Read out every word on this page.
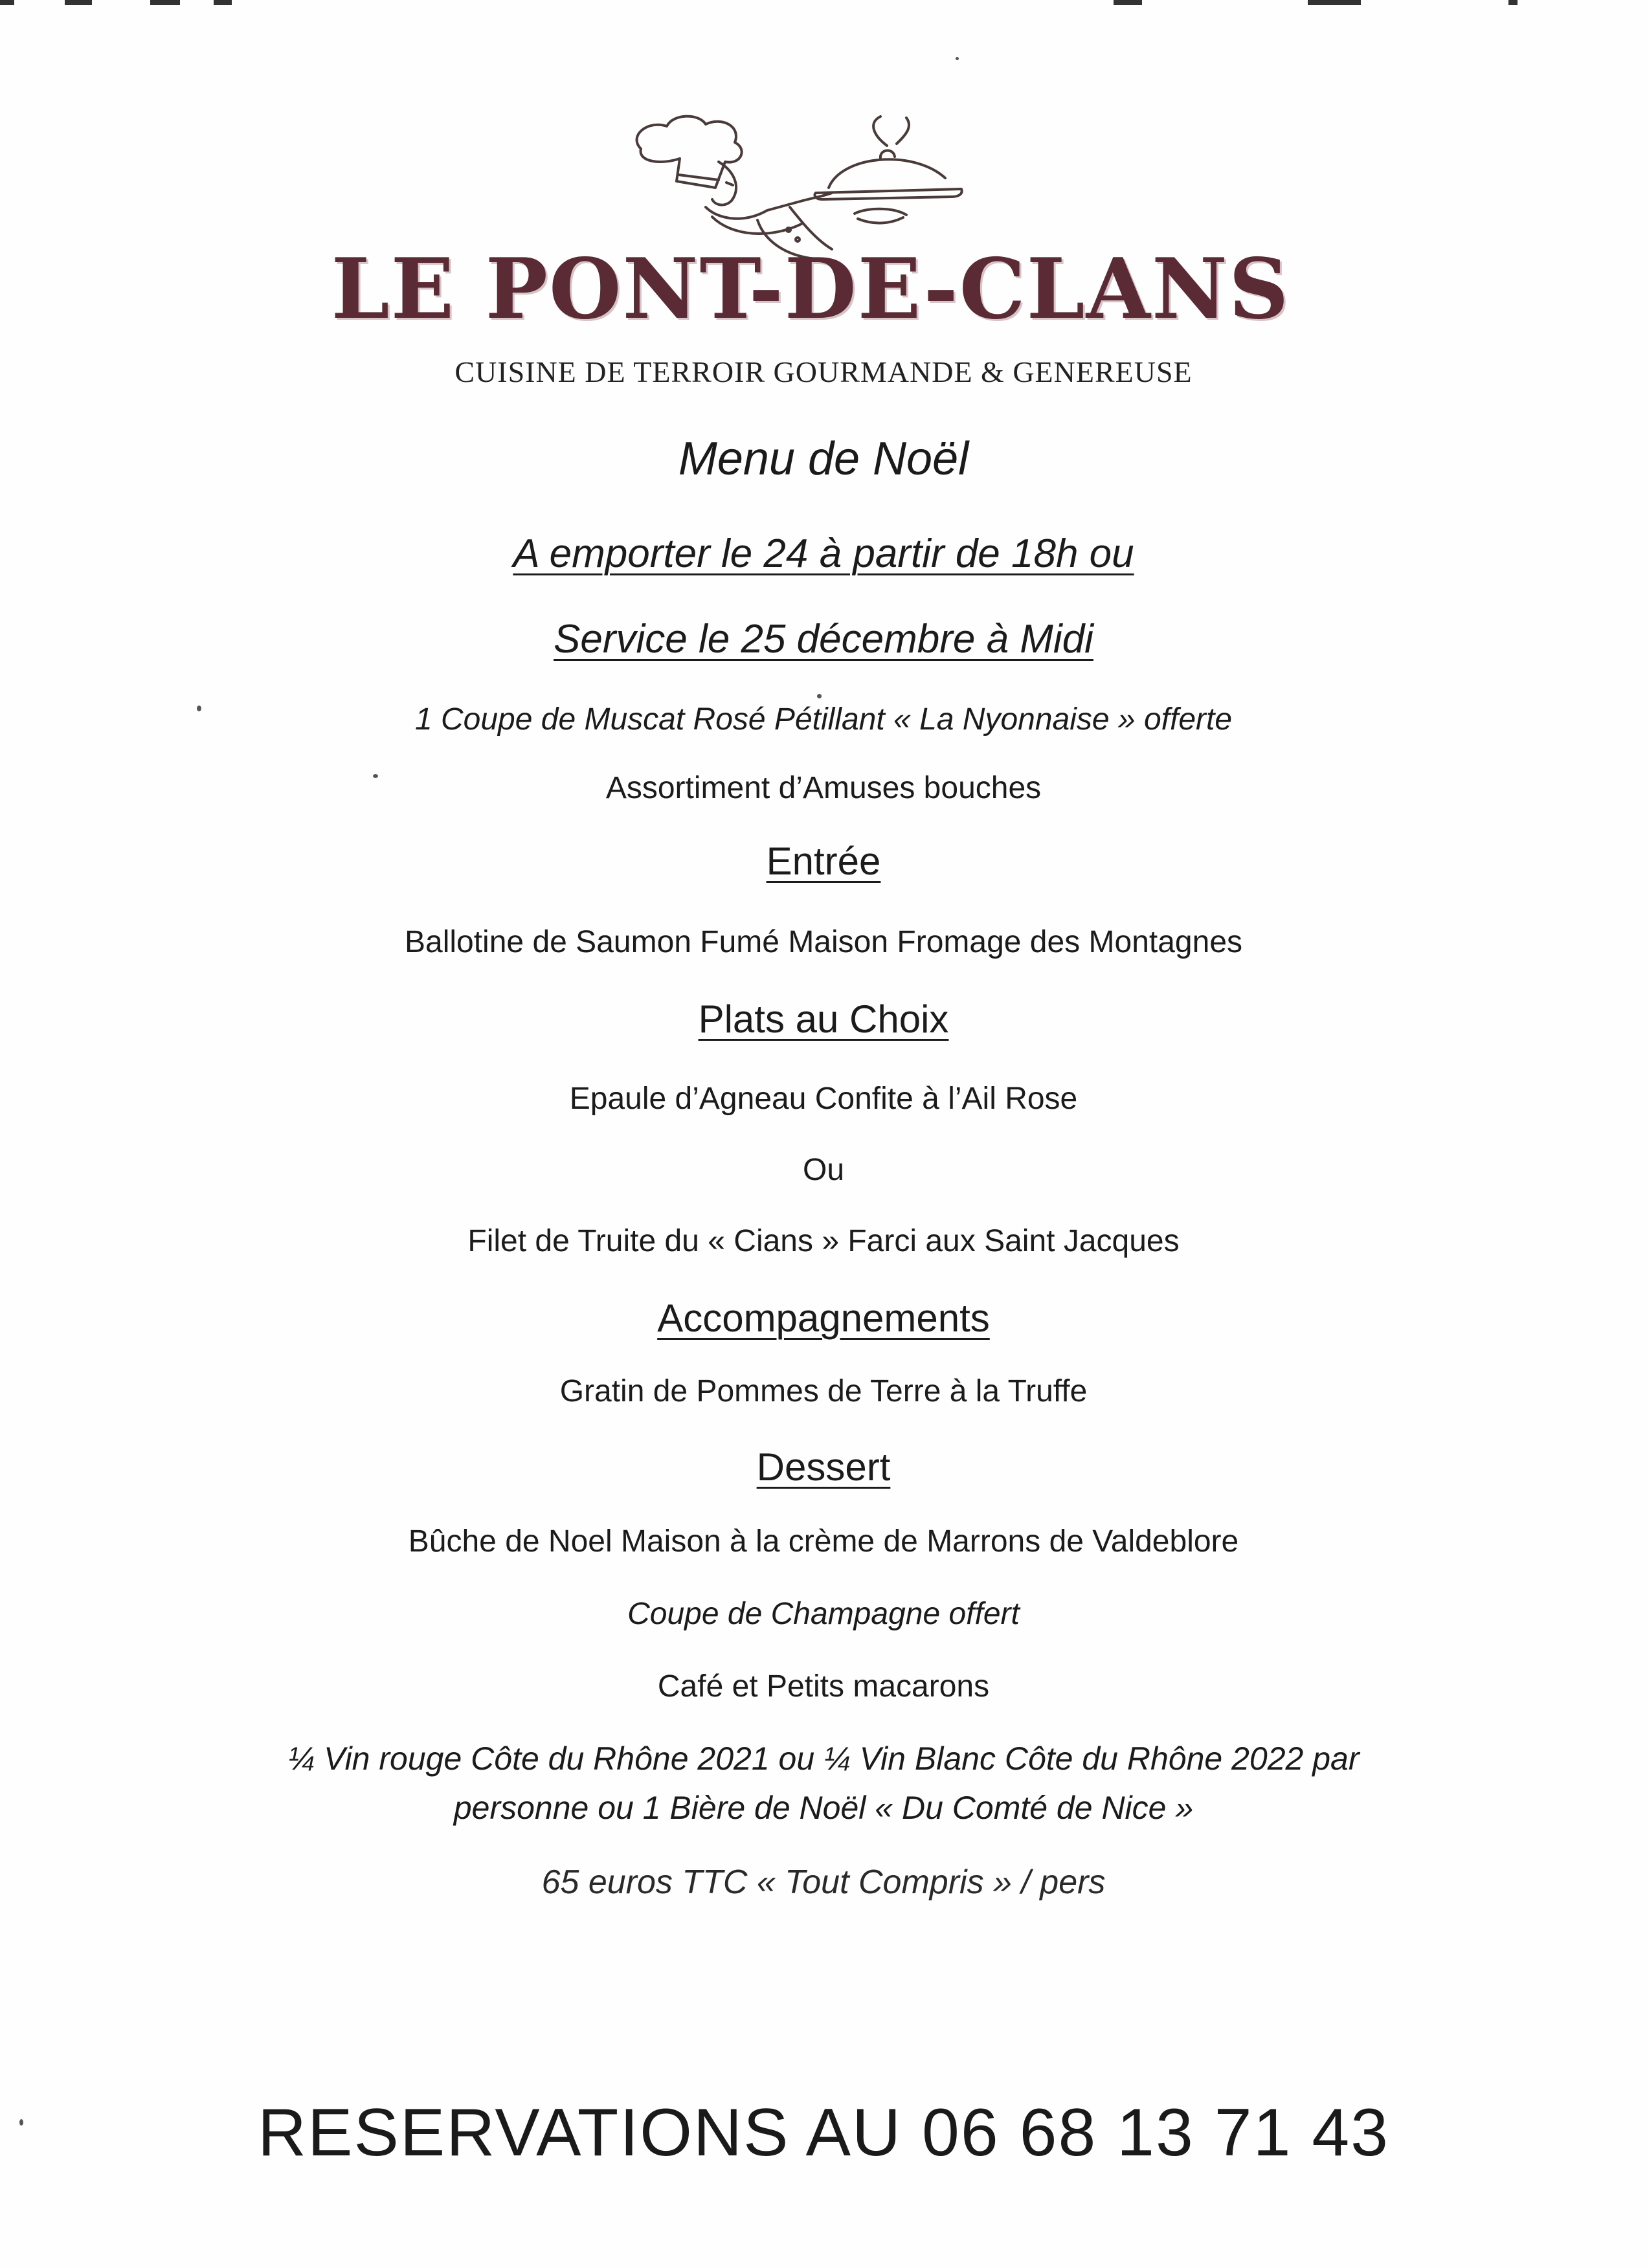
LE PONT-DE-CLANS
CUISINE DE TERROIR GOURMANDE & GENEREUSE
Menu de Noël
A emporter le 24 à partir de 18h ou
Service le 25 décembre à Midi
1 Coupe de Muscat Rosé Pétillant « La Nyonnaise » offerte
Assortiment d’Amuses bouches
Entrée
Ballotine de Saumon Fumé Maison Fromage des Montagnes
Plats au Choix
Epaule d’Agneau Confite à l’Ail Rose
Ou
Filet de Truite du « Cians » Farci aux Saint Jacques
Accompagnements
Gratin de Pommes de Terre à la Truffe
Dessert
Bûche de Noel Maison à la crème de Marrons de Valdeblore
Coupe de Champagne offert
Café et Petits macarons
¼ Vin rouge Côte du Rhône 2021 ou ¼ Vin Blanc Côte du Rhône 2022 par
personne ou 1 Bière de Noël « Du Comté de Nice »
65 euros TTC « Tout Compris » / pers
RESERVATIONS AU 06 68 13 71 43
